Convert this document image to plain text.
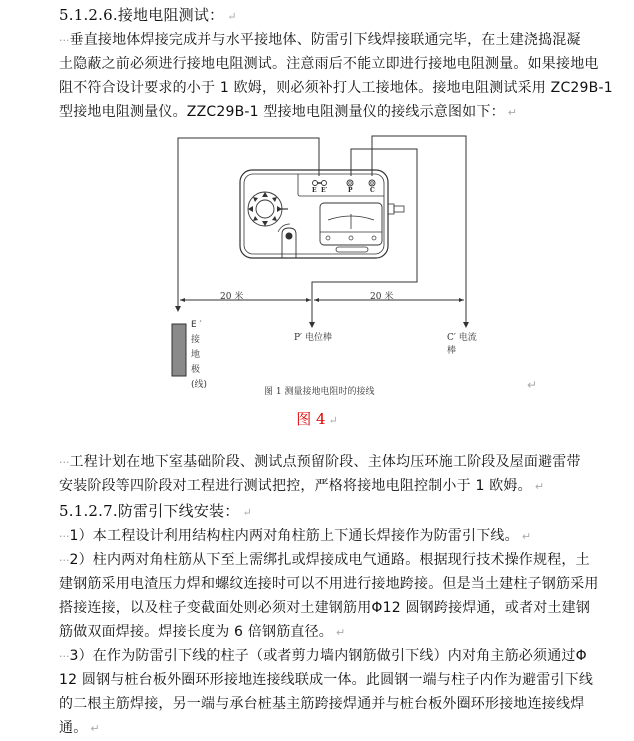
5.1.2.6.接地电阻测试： ↵
···垂直接地体焊接完成并与水平接地体、防雷引下线焊接联通完毕，在土建浇捣混凝
土隐蔽之前必须进行接地电阻测试。注意雨后不能立即进行接地电阻测量。如果接地电
阻不符合设计要求的小于 1 欧姆，则必须补打人工接地体。接地电阻测试采用 ZC29B-1
型接地电阻测量仪。ZZC29B-1 型接地电阻测量仪的接线示意图如下： ↵
E E′	P	C
20 米	20 米
E ′
接
地
极
(线)
P′ 电位棒	C′ 电流棒
图 1 测量接地电阻时的接线	↵
图 4 ↵
···工程计划在地下室基础阶段、测试点预留阶段、主体均压环施工阶段及屋面避雷带
安装阶段等四阶段对工程进行测试把控，严格将接地电阻控制小于 1 欧姆。 ↵
5.1.2.7.防雷引下线安装： ↵
···1）本工程设计利用结构柱内两对角柱筋上下通长焊接作为防雷引下线。 ↵
···2）柱内两对角柱筋从下至上需绑扎或焊接成电气通路。根据现行技术操作规程，土
建钢筋采用电渣压力焊和螺纹连接时可以不用进行接地跨接。但是当土建柱子钢筋采用
搭接连接，以及柱子变截面处则必须对土建钢筋用Φ12 圆钢跨接焊通，或者对土建钢
筋做双面焊接。焊接长度为 6 倍钢筋直径。 ↵
···3）在作为防雷引下线的柱子（或者剪力墙内钢筋做引下线）内对角主筋必须通过Φ
12 圆钢与桩台板外圈环形接地连接线联成一体。此圆钢一端与柱子内作为避雷引下线
的二根主筋焊接，另一端与承台桩基主筋跨接焊通并与桩台板外圈环形接地连接线焊
通。 ↵
